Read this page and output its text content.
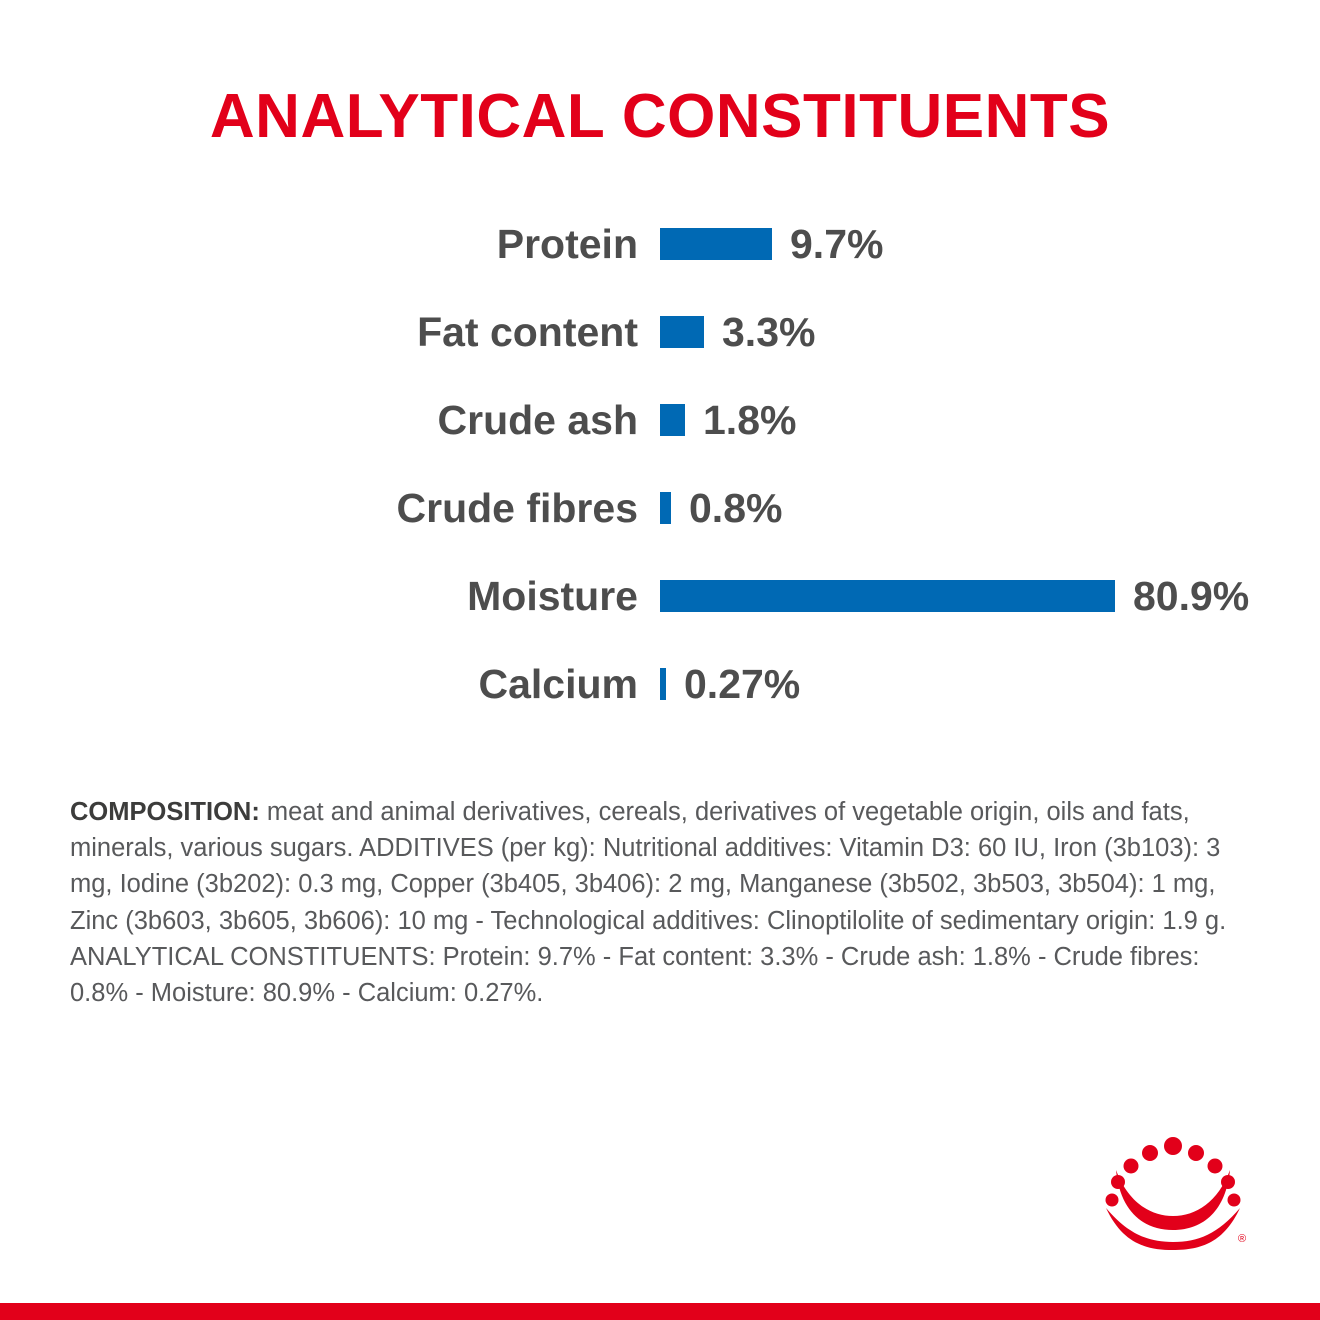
ANALYTICAL CONSTITUENTS
Protein	9.7%
Fat content	3.3%
Crude ash	1.8%
Crude fibres	0.8%
Moisture	80.9%
Calcium	0.27%
COMPOSITION: meat and animal derivatives, cereals, derivatives of vegetable origin, oils and fats, minerals, various sugars. ADDITIVES (per kg): Nutritional additives: Vitamin D3: 60 IU, Iron (3b103): 3 mg, Iodine (3b202): 0.3 mg, Copper (3b405, 3b406): 2 mg, Manganese (3b502, 3b503, 3b504): 1 mg, Zinc (3b603, 3b605, 3b606): 10 mg - Technological additives: Clinoptilolite of sedimentary origin: 1.9 g. ANALYTICAL CONSTITUENTS: Protein: 9.7% - Fat content: 3.3% - Crude ash: 1.8% - Crude fibres: 0.8% - Moisture: 80.9% - Calcium: 0.27%.
®
